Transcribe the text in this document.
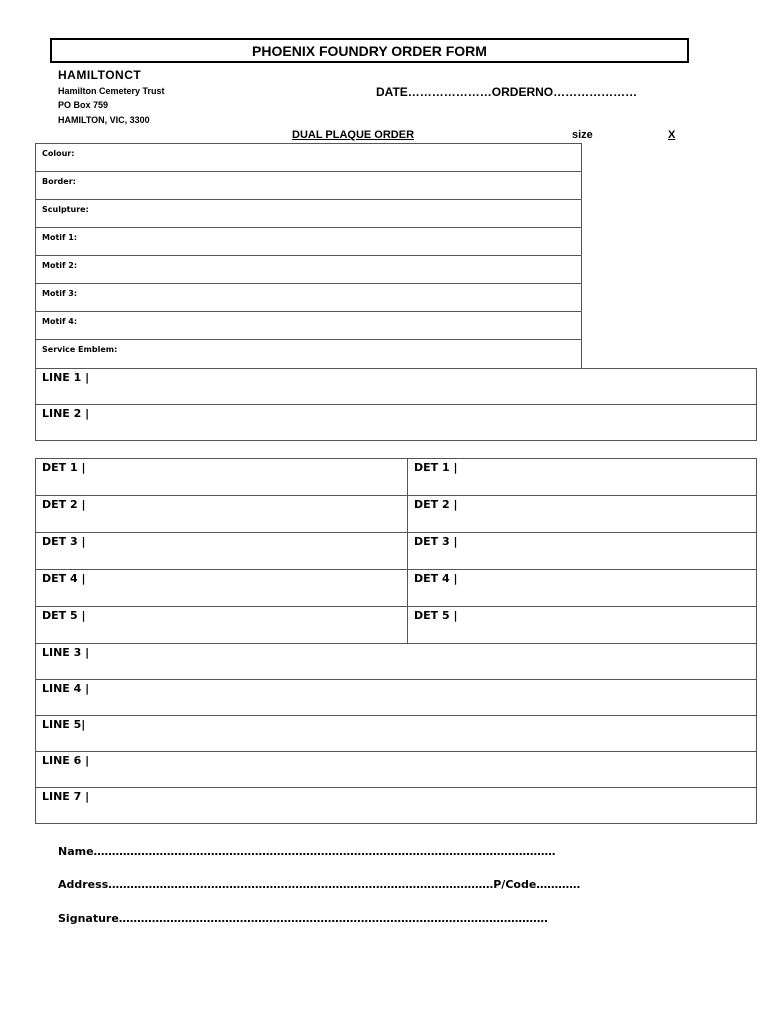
PHOENIX FOUNDRY ORDER FORM
HAMILTONCT
Hamilton Cemetery Trust
PO Box 759
HAMILTON, VIC, 3300
DATE…………………ORDERNO…………………
DUAL PLAQUE ORDER	size	X
Colour:
Border:
Sculpture:
Motif 1:
Motif 2:
Motif 3:
Motif 4:
Service Emblem:
LINE 1 |
LINE 2 |
DET 1 |	DET 1 |
DET 2 |	DET 2 |
DET 3 |	DET 3 |
DET 4 |	DET 4 |
DET 5 |	DET 5 |
LINE 3 |
LINE 4 |
LINE 5|
LINE 6 |
LINE 7 |
Name………………………………………………………………………………………………………………
Address……………………………………………………………………………………………P/Code…………
Signature………………………………………………………………………………………………………
